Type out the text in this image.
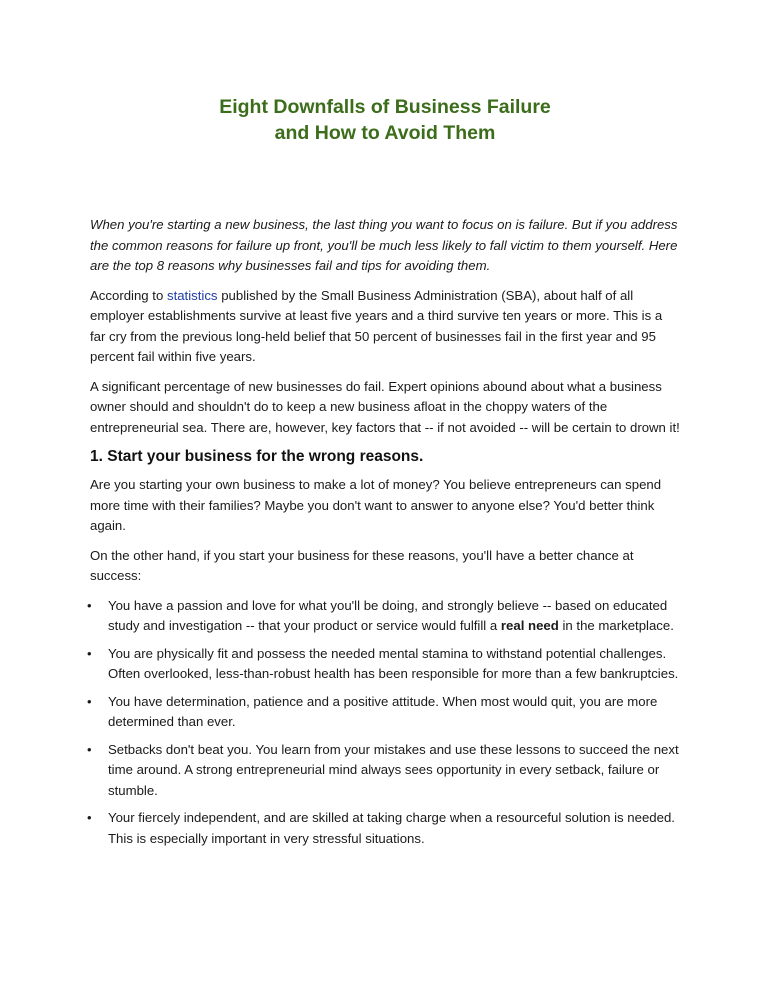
Eight Downfalls of Business Failure
and How to Avoid Them

When you're starting a new business, the last thing you want to focus on is failure. But if you address the common reasons for failure up front, you'll be much less likely to fall victim to them yourself. Here are the top 8 reasons why businesses fail and tips for avoiding them.

According to statistics published by the Small Business Administration (SBA), about half of all employer establishments survive at least five years and a third survive ten years or more. This is a far cry from the previous long-held belief that 50 percent of businesses fail in the first year and 95 percent fail within five years.

A significant percentage of new businesses do fail. Expert opinions abound about what a business owner should and shouldn't do to keep a new business afloat in the choppy waters of the entrepreneurial sea. There are, however, key factors that -- if not avoided -- will be certain to drown it!

1. Start your business for the wrong reasons.

Are you starting your own business to make a lot of money? You believe entrepreneurs can spend more time with their families? Maybe you don't want to answer to anyone else? You'd better think again.

On the other hand, if you start your business for these reasons, you'll have a better chance at success:

• You have a passion and love for what you'll be doing, and strongly believe -- based on educated study and investigation -- that your product or service would fulfill a real need in the marketplace.
• You are physically fit and possess the needed mental stamina to withstand potential challenges. Often overlooked, less-than-robust health has been responsible for more than a few bankruptcies.
• You have determination, patience and a positive attitude. When most would quit, you are more determined than ever.
• Setbacks don't beat you. You learn from your mistakes and use these lessons to succeed the next time around. A strong entrepreneurial mind always sees opportunity in every setback, failure or stumble.
• Your fiercely independent, and are skilled at taking charge when a resourceful solution is needed. This is especially important in very stressful situations.
